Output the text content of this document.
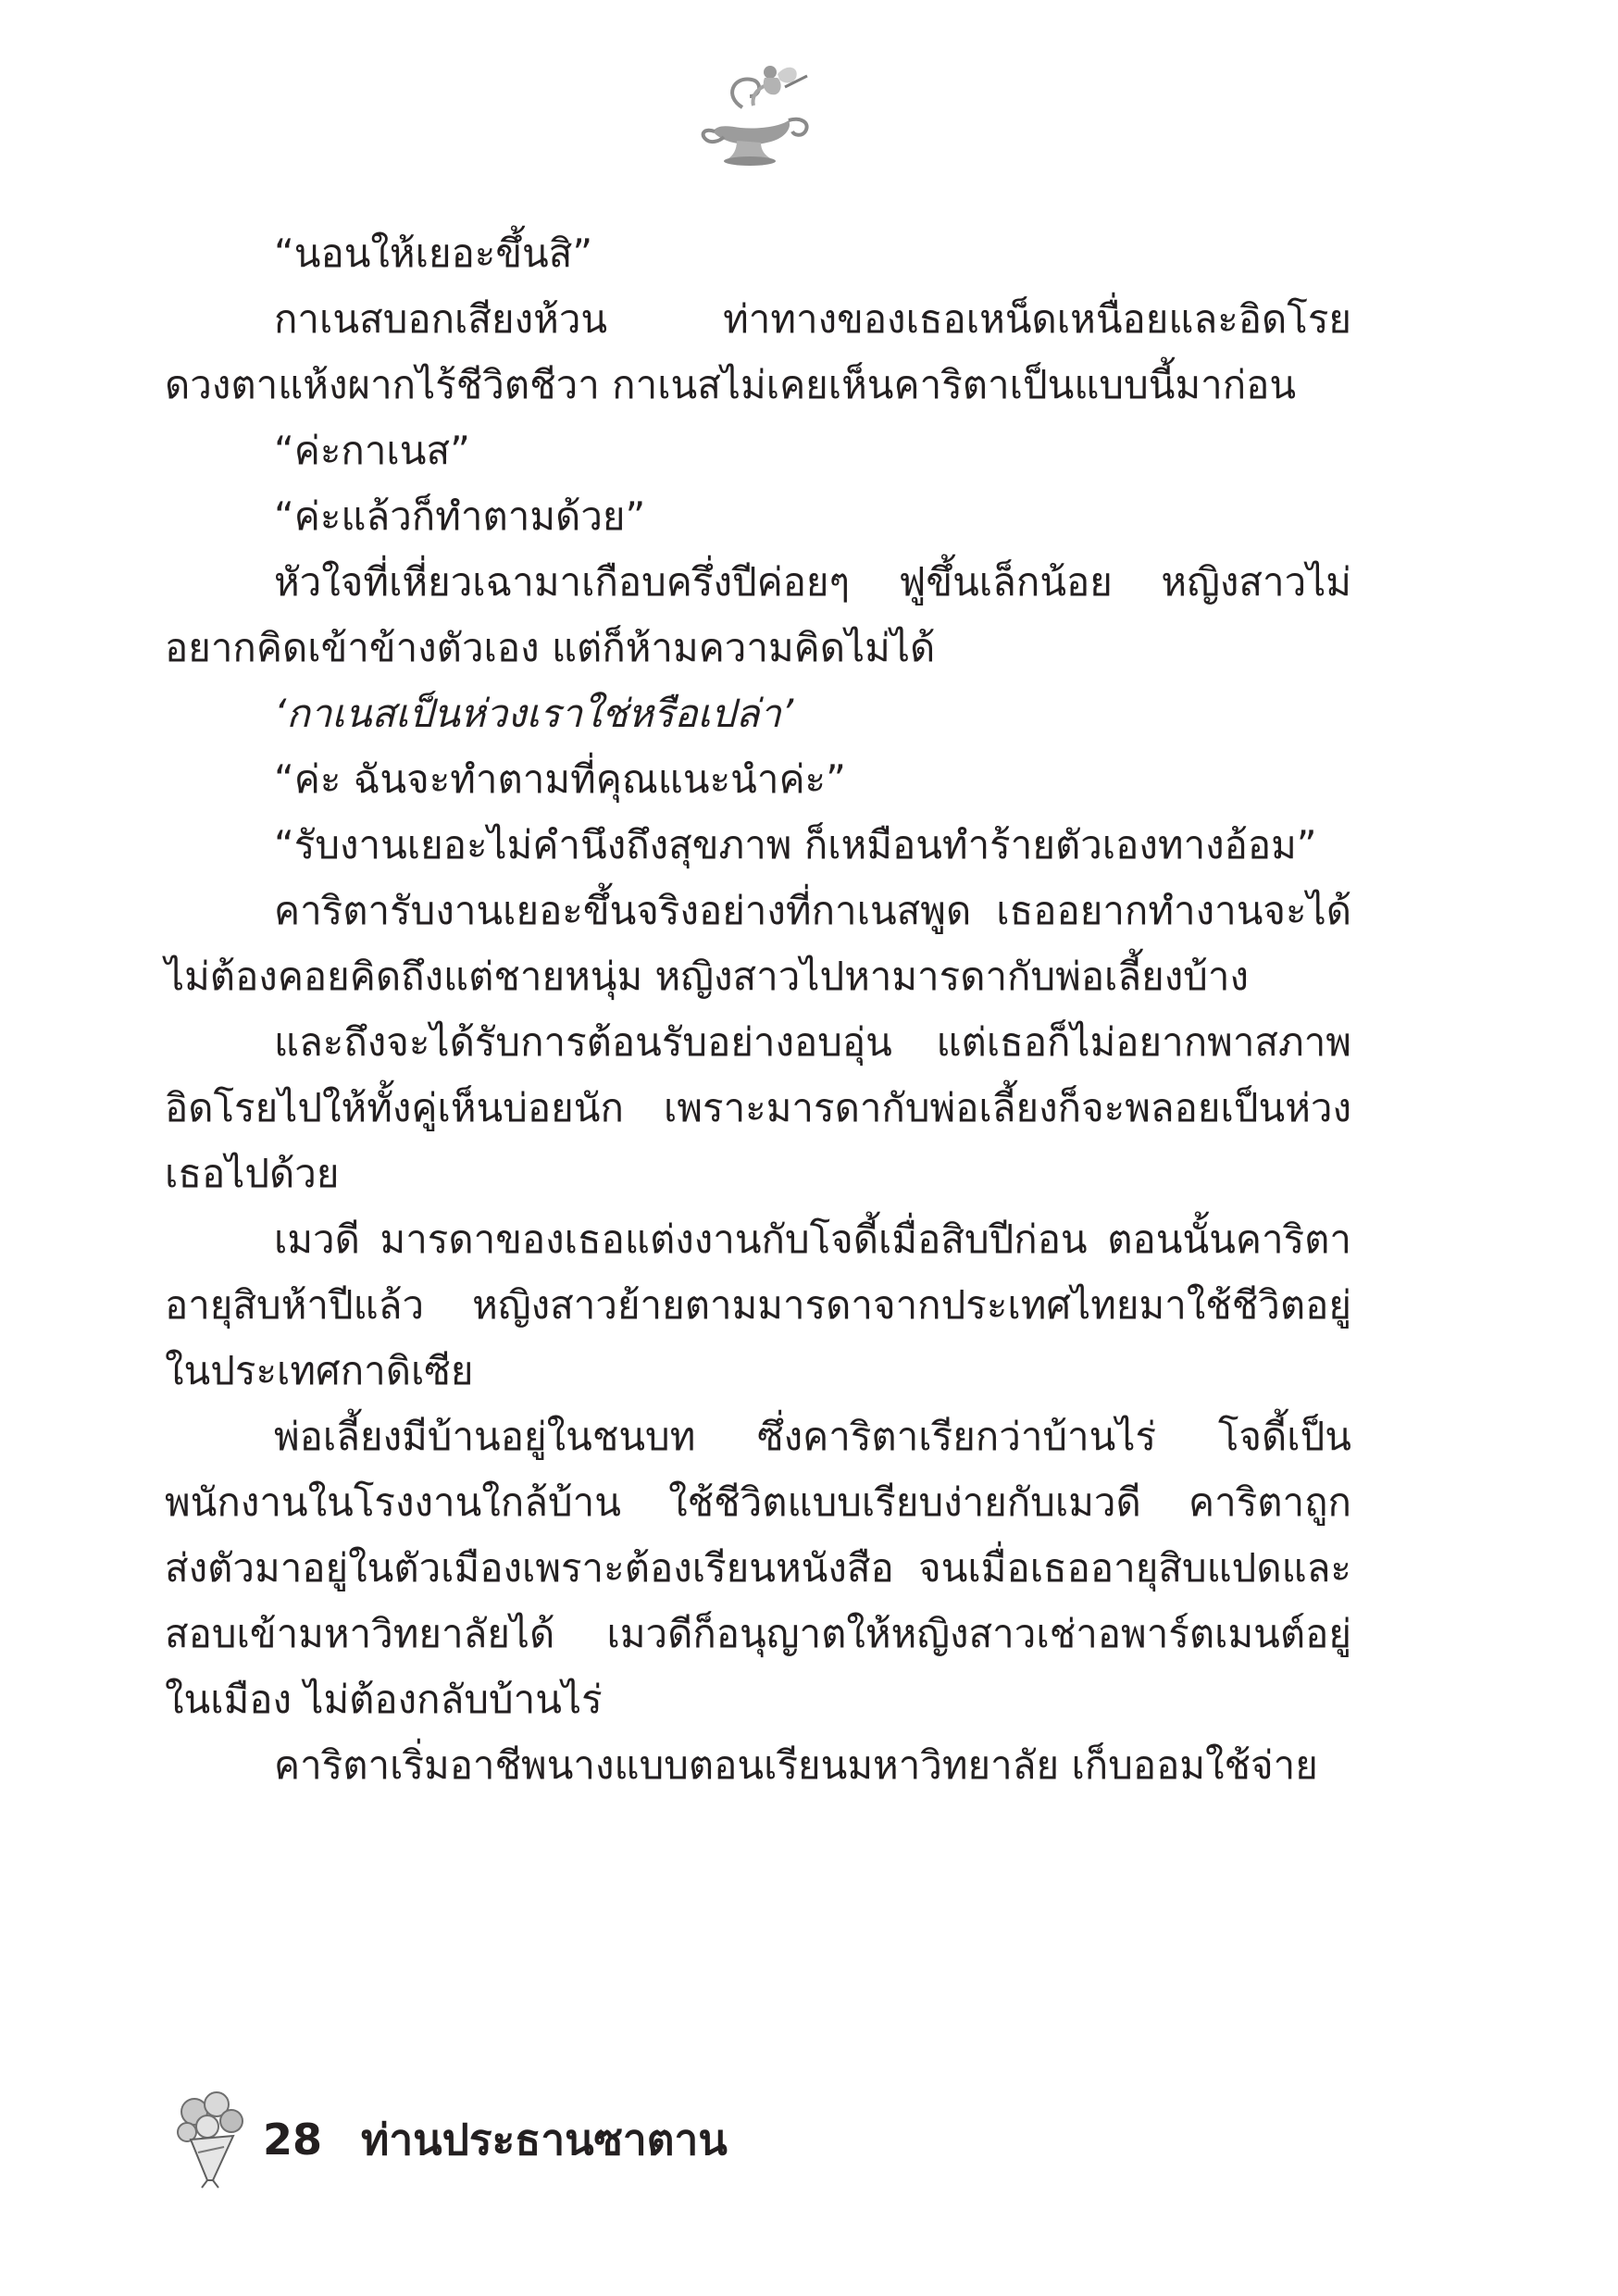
“นอนให้เยอะขึ้นสิ”

กาเนสบอกเสียงห้วน ท่าทางของเธอเหน็ดเหนื่อยและอิดโรย ดวงตาแห้งผากไร้ชีวิตชีวา กาเนสไม่เคยเห็นคาริตาเป็นแบบนี้มาก่อน

“ค่ะกาเนส”

“ค่ะแล้วก็ทำตามด้วย”

หัวใจที่เหี่ยวเฉามาเกือบครึ่งปีค่อยๆ ฟูขึ้นเล็กน้อย หญิงสาวไม่อยากคิดเข้าข้างตัวเอง แต่ก็ห้ามความคิดไม่ได้

‘กาเนสเป็นห่วงเราใช่หรือเปล่า’

“ค่ะ ฉันจะทำตามที่คุณแนะนำค่ะ”

“รับงานเยอะไม่คำนึงถึงสุขภาพ ก็เหมือนทำร้ายตัวเองทางอ้อม”

คาริตารับงานเยอะขึ้นจริงอย่างที่กาเนสพูด เธออยากทำงานจะได้ไม่ต้องคอยคิดถึงแต่ชายหนุ่ม หญิงสาวไปหามารดากับพ่อเลี้ยงบ้าง

และถึงจะได้รับการต้อนรับอย่างอบอุ่น แต่เธอก็ไม่อยากพาสภาพอิดโรยไปให้ทั้งคู่เห็นบ่อยนัก เพราะมารดากับพ่อเลี้ยงก็จะพลอยเป็นห่วงเธอไปด้วย

เมวดี มารดาของเธอแต่งงานกับโจดี้เมื่อสิบปีก่อน ตอนนั้นคาริตาอายุสิบห้าปีแล้ว หญิงสาวย้ายตามมารดาจากประเทศไทยมาใช้ชีวิตอยู่ในประเทศกาดิเซีย

พ่อเลี้ยงมีบ้านอยู่ในชนบท ซึ่งคาริตาเรียกว่าบ้านไร่ โจดี้เป็นพนักงานในโรงงานใกล้บ้าน ใช้ชีวิตแบบเรียบง่ายกับเมวดี คาริตาถูกส่งตัวมาอยู่ในตัวเมืองเพราะต้องเรียนหนังสือ จนเมื่อเธออายุสิบแปดและสอบเข้ามหาวิทยาลัยได้ เมวดีก็อนุญาตให้หญิงสาวเช่าอพาร์ตเมนต์อยู่ในเมือง ไม่ต้องกลับบ้านไร่

คาริตาเริ่มอาชีพนางแบบตอนเรียนมหาวิทยาลัย เก็บออมใช้จ่าย

28 ท่านประธานซาตาน
